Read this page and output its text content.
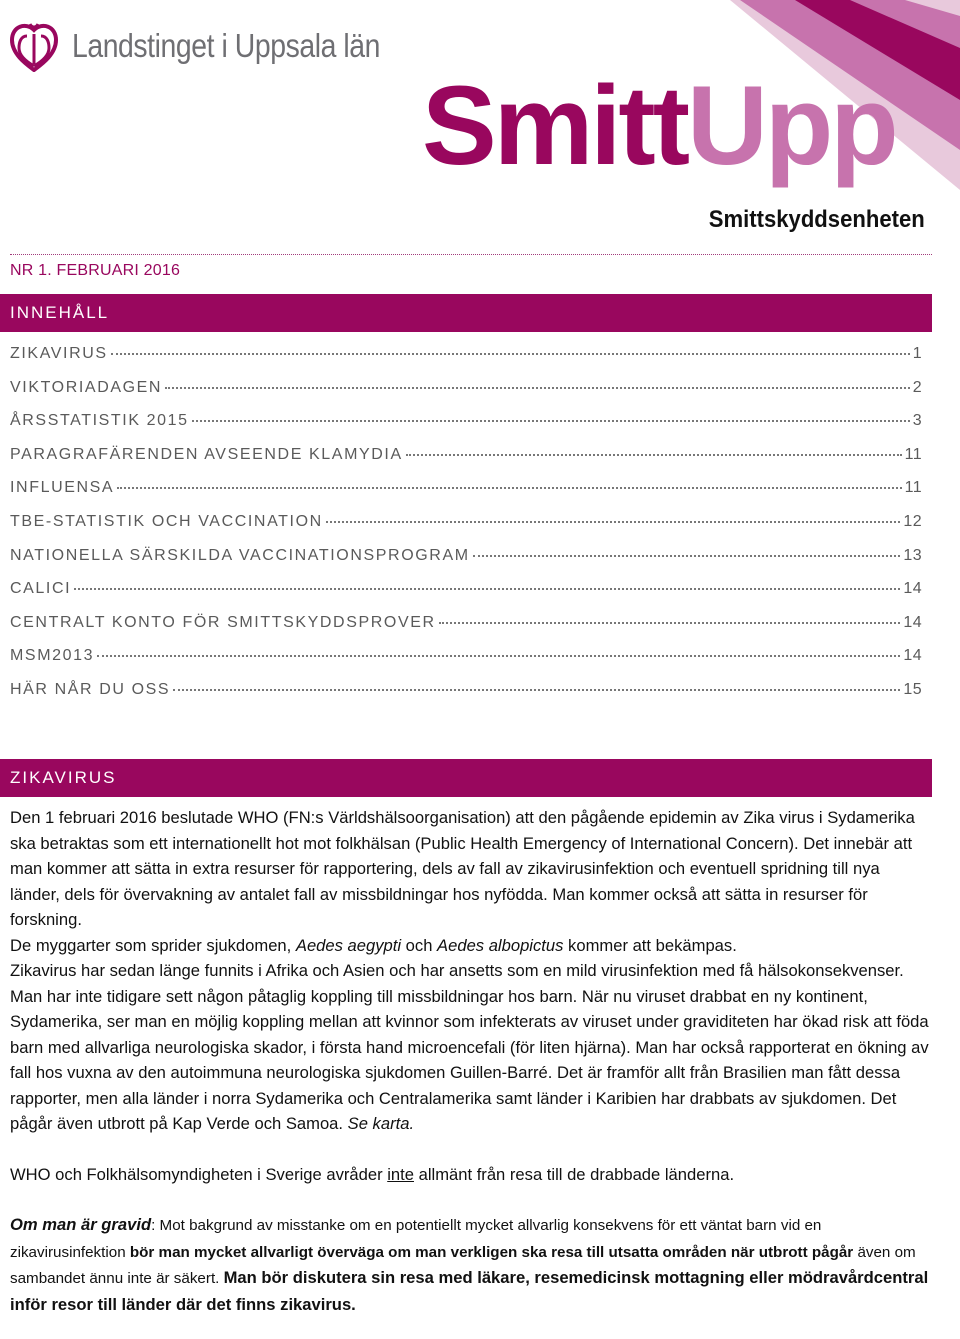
Landstinget i Uppsala län
SmittUpp
Smittskyddsenheten
NR 1. FEBRUARI 2016
INNEHÅLL
ZIKAVIRUS	1
VIKTORIADAGEN	2
ÅRSSTATISTIK 2015	3
PARAGRAFÄRENDEN AVSEENDE KLAMYDIA	11
INFLUENSA	11
TBE-STATISTIK OCH VACCINATION	12
NATIONELLA SÄRSKILDA VACCINATIONSPROGRAM	13
CALICI	14
CENTRALT KONTO FÖR SMITTSKYDDSPROVER	14
MSM2013	14
HÄR NÅR DU OSS	15
ZIKAVIRUS

Den 1 februari 2016 beslutade WHO (FN:s Världshälsoorganisation) att den pågående epidemin av Zika virus i Sydamerika ska betraktas som ett internationellt hot mot folkhälsan (Public Health Emergency of International Concern). Det innebär att man kommer att sätta in extra resurser för rapportering, dels av fall av zikavirusinfektion och eventuell spridning till nya länder, dels för övervakning av antalet fall av missbildningar hos nyfödda. Man kommer också att sätta in resurser för forskning.

De myggarter som sprider sjukdomen, Aedes aegypti och Aedes albopictus kommer att bekämpas.

Zikavirus har sedan länge funnits i Afrika och Asien och har ansetts som en mild virusinfektion med få hälsokonsekvenser. Man har inte tidigare sett någon påtaglig koppling till missbildningar hos barn. När nu viruset drabbat en ny kontinent, Sydamerika, ser man en möjlig koppling mellan att kvinnor som infekterats av viruset under graviditeten har ökad risk att föda barn med allvarliga neurologiska skador, i första hand microencefali (för liten hjärna). Man har också rapporterat en ökning av fall hos vuxna av den autoimmuna neurologiska sjukdomen Guillen-Barré. Det är framför allt från Brasilien man fått dessa rapporter, men alla länder i norra Sydamerika och Centralamerika samt länder i Karibien har drabbats av sjukdomen. Det pågår även utbrott på Kap Verde och Samoa. Se karta.

WHO och Folkhälsomyndigheten i Sverige avråder inte allmänt från resa till de drabbade länderna.

Om man är gravid: Mot bakgrund av misstanke om en potentiellt mycket allvarlig konsekvens för ett väntat barn vid en zikavirusinfektion bör man mycket allvarligt överväga om man verkligen ska resa till utsatta områden när utbrott pågår även om sambandet ännu inte är säkert. Man bör diskutera sin resa med läkare, resemedicinsk mottagning eller mödravårdcentral inför resor till länder där det finns zikavirus.
